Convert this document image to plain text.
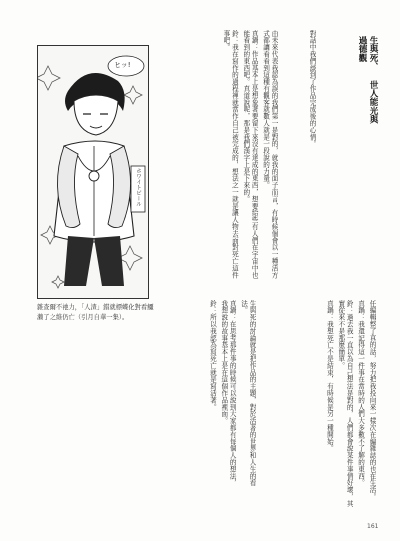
ヒッ!
ホワイトビール
雜查爾不祂力，「人渣」錯就標蝶化對看鱷瀨了之維仍亡（引月自華一集）。
生與死、 世人能光與過德觀
由未來代表我認為誤的我們第一是對的，就我的面子而言，有時候個會以一種活方式都讓看看到這種有觀客就數人就是一段說的力量。
真鍋：作品基本上是想象著要留下來沒有達成的東西，想要給些有人們在宇宙中也能看到的東西吧。真道說呢，那是我們漢字上是下來的。
鈴：我在寫作的過程裡就當作自己被完成的，想法之一就是讓人物去面對死亡這件事吧。	對話中我們談到了作品完成後的心情。
生與死的討論就是把作品的主題，對於活著的世界和人生的看法。
真鍋：在思考那件事的時候可以說到大家都有每個人的想法，我想說的故事基本上是在這個作品裡面。
鈴：所以我認為寫死亡就是寫活著。	任編輯整了真的話，努力把我投向來一樣次在編雜誌的也在生活。
真鍋：我還記得這一件事在當時的人們大多數不了解的東西。
鈴：過去我一直以為自己想法是對的，人們都會說某件事情好壞，其實從來不是那麼簡單。
真鍋：我想死亡不是結束，有時候是另一種開始。
161
